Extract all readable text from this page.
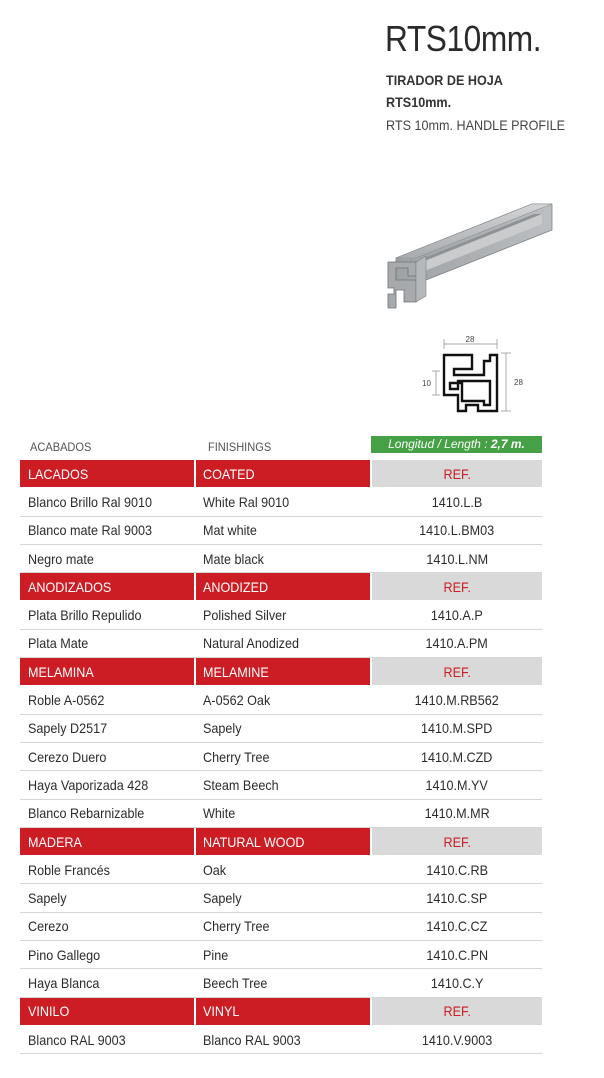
RTS10mm.
TIRADOR DE HOJA
RTS10mm.
RTS 10mm. HANDLE PROFILE
28
28
10
ACABADOS	FINISHINGS	Longitud / Length : 2,7 m.
LACADOS	COATED	REF.
Blanco Brillo Ral 9010	White Ral 9010	1410.L.B
Blanco mate Ral 9003	Mat white	1410.L.BM03
Negro mate	Mate black	1410.L.NM
ANODIZADOS	ANODIZED	REF.
Plata Brillo Repulido	Polished Silver	1410.A.P
Plata Mate	Natural Anodized	1410.A.PM
MELAMINA	MELAMINE	REF.
Roble A-0562	A-0562 Oak	1410.M.RB562
Sapely D2517	Sapely	1410.M.SPD
Cerezo Duero	Cherry Tree	1410.M.CZD
Haya Vaporizada 428	Steam Beech	1410.M.YV
Blanco Rebarnizable	White	1410.M.MR
MADERA	NATURAL WOOD	REF.
Roble Francés	Oak	1410.C.RB
Sapely	Sapely	1410.C.SP
Cerezo	Cherry Tree	1410.C.CZ
Pino Gallego	Pine	1410.C.PN
Haya Blanca	Beech Tree	1410.C.Y
VINILO	VINYL	REF.
Blanco RAL 9003	Blanco RAL 9003	1410.V.9003
